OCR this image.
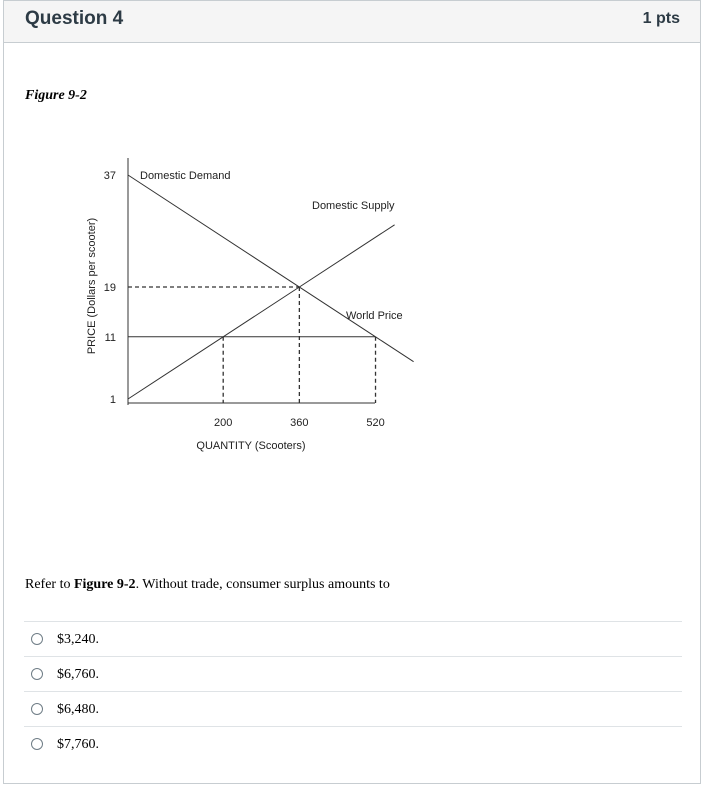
Question 4	1 pts
Figure 9-2
37
19
11
1
200	360	520
QUANTITY (Scooters)
PRICE (Dollars per scooter)
Domestic Demand
Domestic Supply
World Price
Refer to Figure 9-2. Without trade, consumer surplus amounts to
$3,240.
$6,760.
$6,480.
$7,760.
